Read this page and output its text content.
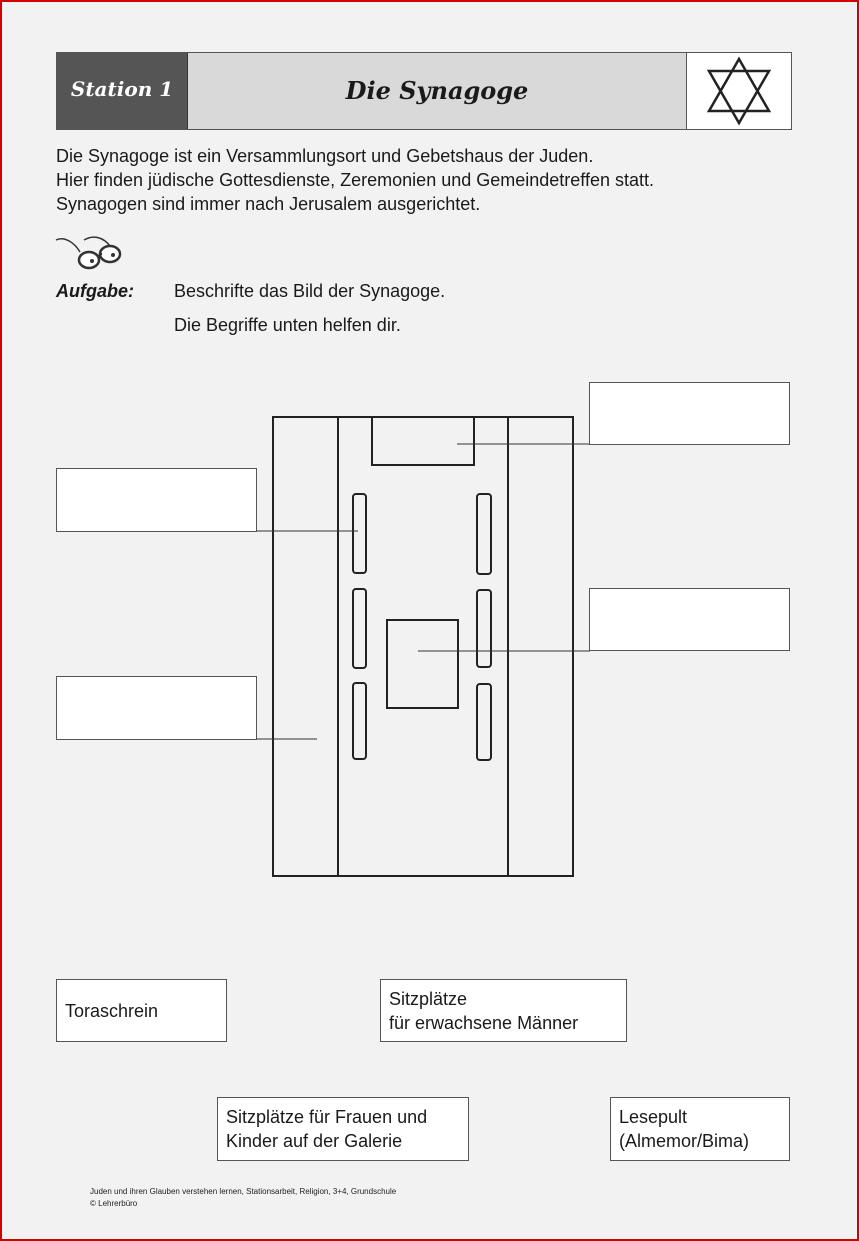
Station 1	Die Synagoge
Die Synagoge ist ein Versammlungsort und Gebetshaus der Juden.
Hier finden jüdische Gottesdienste, Zeremonien und Gemeindetreffen statt.
Synagogen sind immer nach Jerusalem ausgerichtet.
Aufgabe: Beschrifte das Bild der Synagoge.
Die Begriffe unten helfen dir.
Toraschrein
Sitzplätze
für erwachsene Männer
Sitzplätze für Frauen und
Kinder auf der Galerie
Lesepult
(Almemor/Bima)
Juden und ihren Glauben verstehen lernen, Stationsarbeit, Religion, 3+4, Grundschule
© Lehrerbüro
